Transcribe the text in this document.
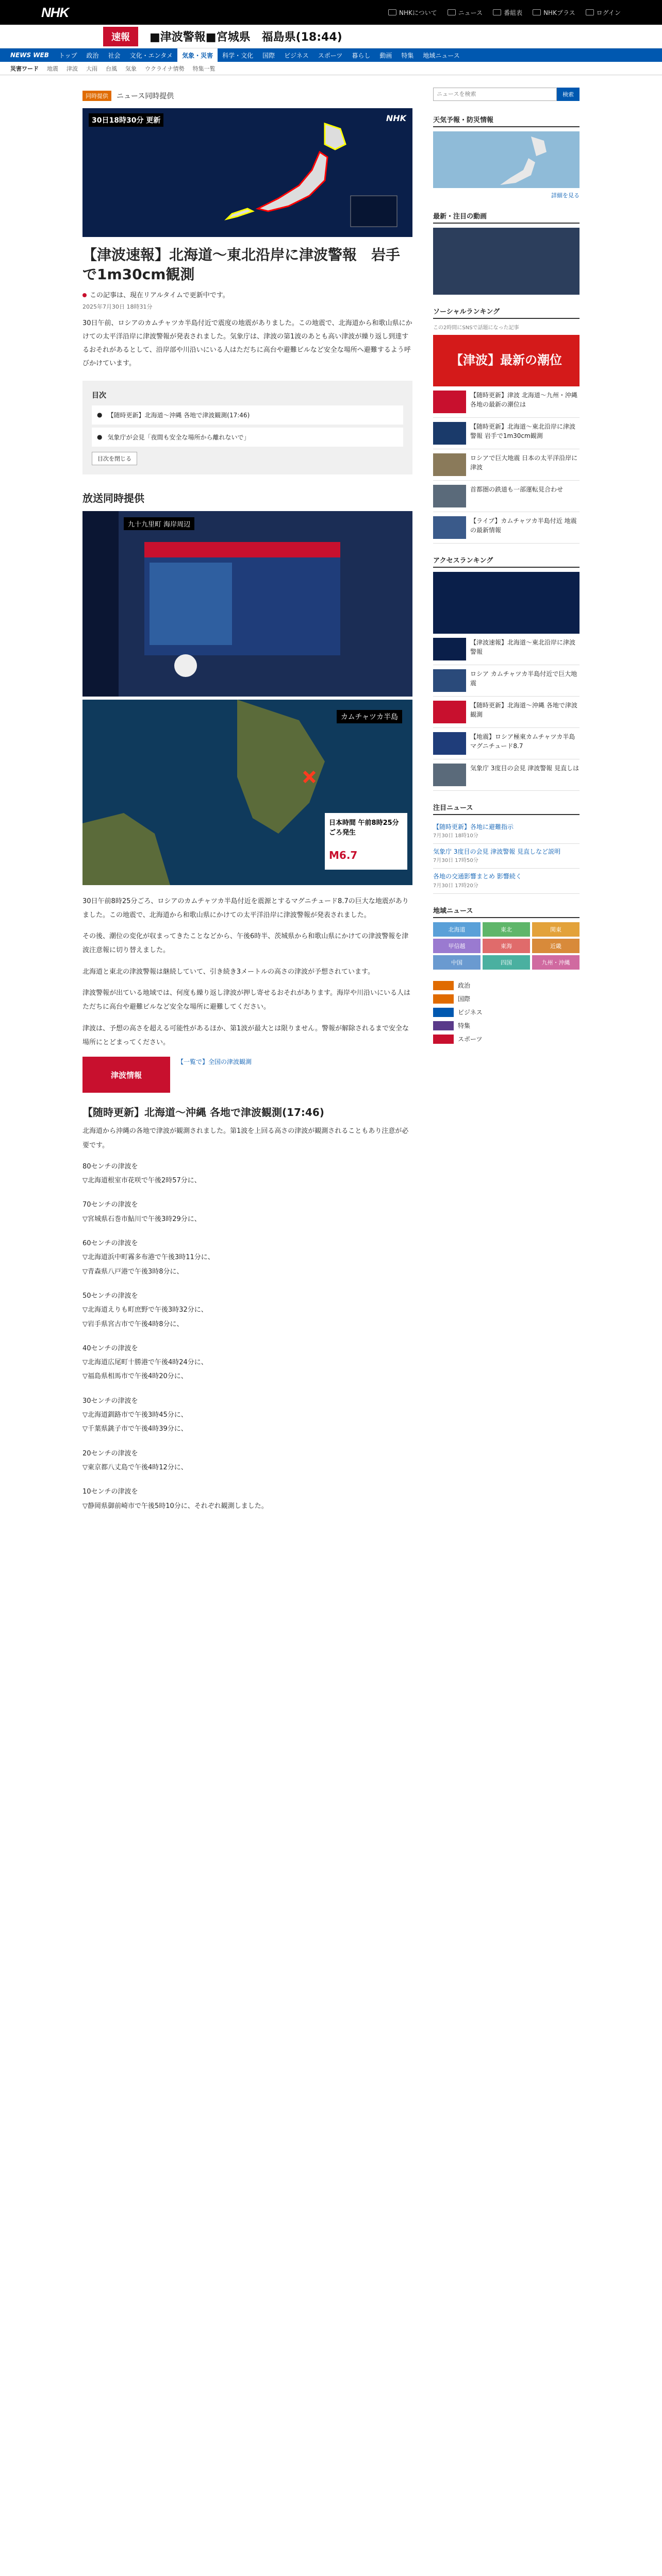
NHK	NHKについて	ニュース	番組表	NHKプラス	ログイン
速報	■津波警報■宮城県　福島県(18:44)
NEWS WEB	トップ	政治	社会	文化・エンタメ	気象・災害	科学・文化	国際	ビジネス	スポーツ	暮らし	動画	特集	地域ニュース
災害ワード 地震 津波 大雨 台風 気象 ウクライナ情勢 特集一覧
同時提供	ニュース同時提供
30日18時30分 更新	NHK
【津波速報】北海道〜東北沿岸に津波警報　岩手で1m30cm観測
この記事は、現在リアルタイムで更新中です。
2025年7月30日 18時31分
30日午前、ロシアのカムチャツカ半島付近で震度の地震がありました。この地震で、北海道から和歌山県にかけての太平洋沿岸に津波警報が発表されました。気象庁は、津波の第1波のあとも高い津波が繰り返し到達するおそれがあるとして、沿岸部や川沿いにいる人はただちに高台や避難ビルなど安全な場所へ避難するよう呼びかけています。
目次
● 【随時更新】北海道〜沖縄 各地で津波観測(17:46)
● 気象庁が会見「夜間も安全な場所から離れないで」
目次を閉じる
放送同時提供
九十九里町 海岸周辺
カムチャツカ半島
日本時間 午前8時25分ごろ発生
M6.7

30日午前8時25分ごろ、ロシアのカムチャツカ半島付近を震源とするマグニチュード8.7の巨大な地震がありました。この地震で、北海道から和歌山県にかけての太平洋沿岸に津波警報が発表されました。

その後、潮位の変化が収まってきたことなどから、午後6時半、茨城県から和歌山県にかけての津波警報を津波注意報に切り替えました。

北海道と東北の津波警報は継続していて、引き続き3メートルの高さの津波が予想されています。

津波警報が出ている地域では、何度も繰り返し津波が押し寄せるおそれがあります。海岸や川沿いにいる人はただちに高台や避難ビルなど安全な場所に避難してください。

津波は、予想の高さを超える可能性があるほか、第1波が最大とは限りません。警報が解除されるまで安全な場所にとどまってください。

津波情報
【一覧で】全国の津波観測
【随時更新】北海道〜沖縄 各地で津波観測(17:46)

北海道から沖縄の各地で津波が観測されました。第1波を上回る高さの津波が観測されることもあり注意が必要です。

80センチの津波を

▽北海道根室市花咲で午後2時57分に、

70センチの津波を

▽宮城県石巻市鮎川で午後3時29分に、

60センチの津波を

▽北海道浜中町霧多布港で午後3時11分に、

▽青森県八戸港で午後3時8分に、

50センチの津波を

▽北海道えりも町庶野で午後3時32分に、

▽岩手県宮古市で午後4時8分に、

40センチの津波を

▽北海道広尾町十勝港で午後4時24分に、

▽福島県相馬市で午後4時20分に、

30センチの津波を

▽北海道釧路市で午後3時45分に、

▽千葉県銚子市で午後4時39分に、

20センチの津波を

▽東京都八丈島で午後4時12分に、

10センチの津波を

▽静岡県御前崎市で午後5時10分に、それぞれ観測しました。

ニュースを検索
検索
天気予報・防災情報
詳細を見る
最新・注目の動画
ソーシャルランキング
この2時間にSNSで話題になった記事
【津波】最新の潮位
【随時更新】津波 北海道〜九州・沖縄 各地の最新の潮位は
【随時更新】北海道〜東北沿岸に津波警報 岩手で1m30cm観測
ロシアで巨大地震 日本の太平洋沿岸に津波
首都圏の鉄道も一部運転見合わせ
【ライブ】カムチャツカ半島付近 地震の最新情報
アクセスランキング
【津波速報】北海道〜東北沿岸に津波警報
ロシア カムチャツカ半島付近で巨大地震
【随時更新】北海道〜沖縄 各地で津波観測
【地震】ロシア極東カムチャツカ半島 マグニチュード8.7
気象庁 3度目の会見 津波警報 見直しは
注目ニュース
【随時更新】各地に避難指示
7月30日 18時10分
気象庁 3度目の会見 津波警報 見直しなど説明
7月30日 17時50分
各地の交通影響まとめ 影響続く
7月30日 17時20分
地域ニュース
北海道	東北	関東
甲信越	東海	近畿
中国	四国	九州・沖縄
政治
国際
ビジネス
特集
スポーツ
